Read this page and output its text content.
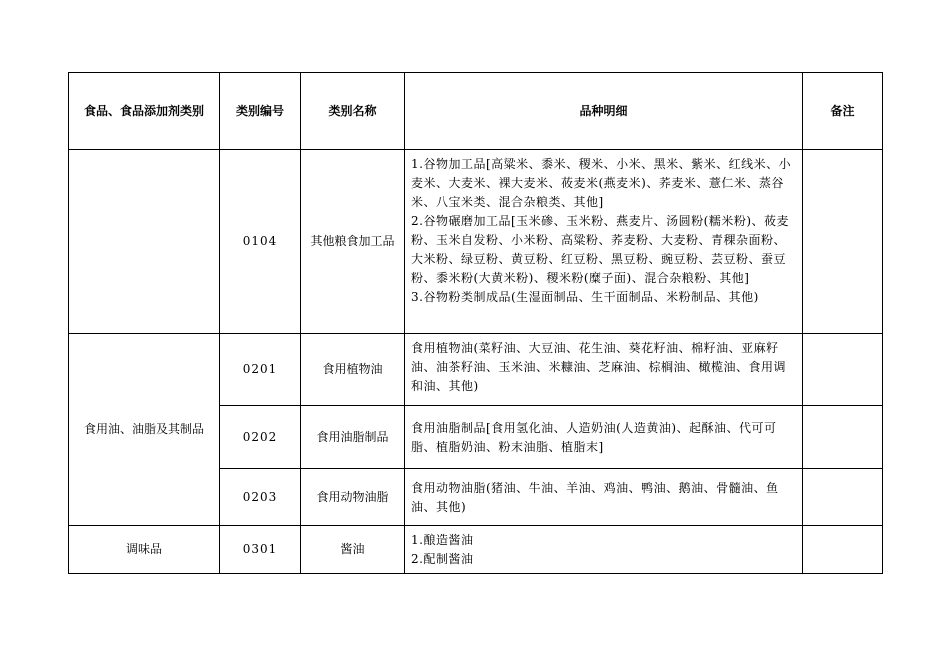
食品、食品添加剂类别	类别编号	类别名称	品种明细	备注
	0104	其他粮食加工品	1.谷物加工品[高粱米、黍米、稷米、小米、黑米、紫米、红线米、小麦米、大麦米、裸大麦米、莜麦米(燕麦米)、荞麦米、薏仁米、蒸谷米、八宝米类、混合杂粮类、其他]
2.谷物碾磨加工品[玉米碜、玉米粉、燕麦片、汤圆粉(糯米粉)、莜麦粉、玉米自发粉、小米粉、高粱粉、荞麦粉、大麦粉、青稞杂面粉、大米粉、绿豆粉、黄豆粉、红豆粉、黑豆粉、豌豆粉、芸豆粉、蚕豆粉、黍米粉(大黄米粉)、稷米粉(糜子面)、混合杂粮粉、其他]
3.谷物粉类制成品(生湿面制品、生干面制品、米粉制品、其他)	

食用油、油脂及其制品	0201	食用植物油	食用植物油(菜籽油、大豆油、花生油、葵花籽油、棉籽油、亚麻籽油、油茶籽油、玉米油、米糠油、芝麻油、棕榈油、橄榄油、食用调和油、其他)	

	0202	食用油脂制品	食用油脂制品[食用氢化油、人造奶油(人造黄油)、起酥油、代可可脂、植脂奶油、粉末油脂、植脂末]	

	0203	食用动物油脂	食用动物油脂(猪油、牛油、羊油、鸡油、鸭油、鹅油、骨髓油、鱼油、其他)	

调味品	0301	酱油	1.酿造酱油
2.配制酱油	
